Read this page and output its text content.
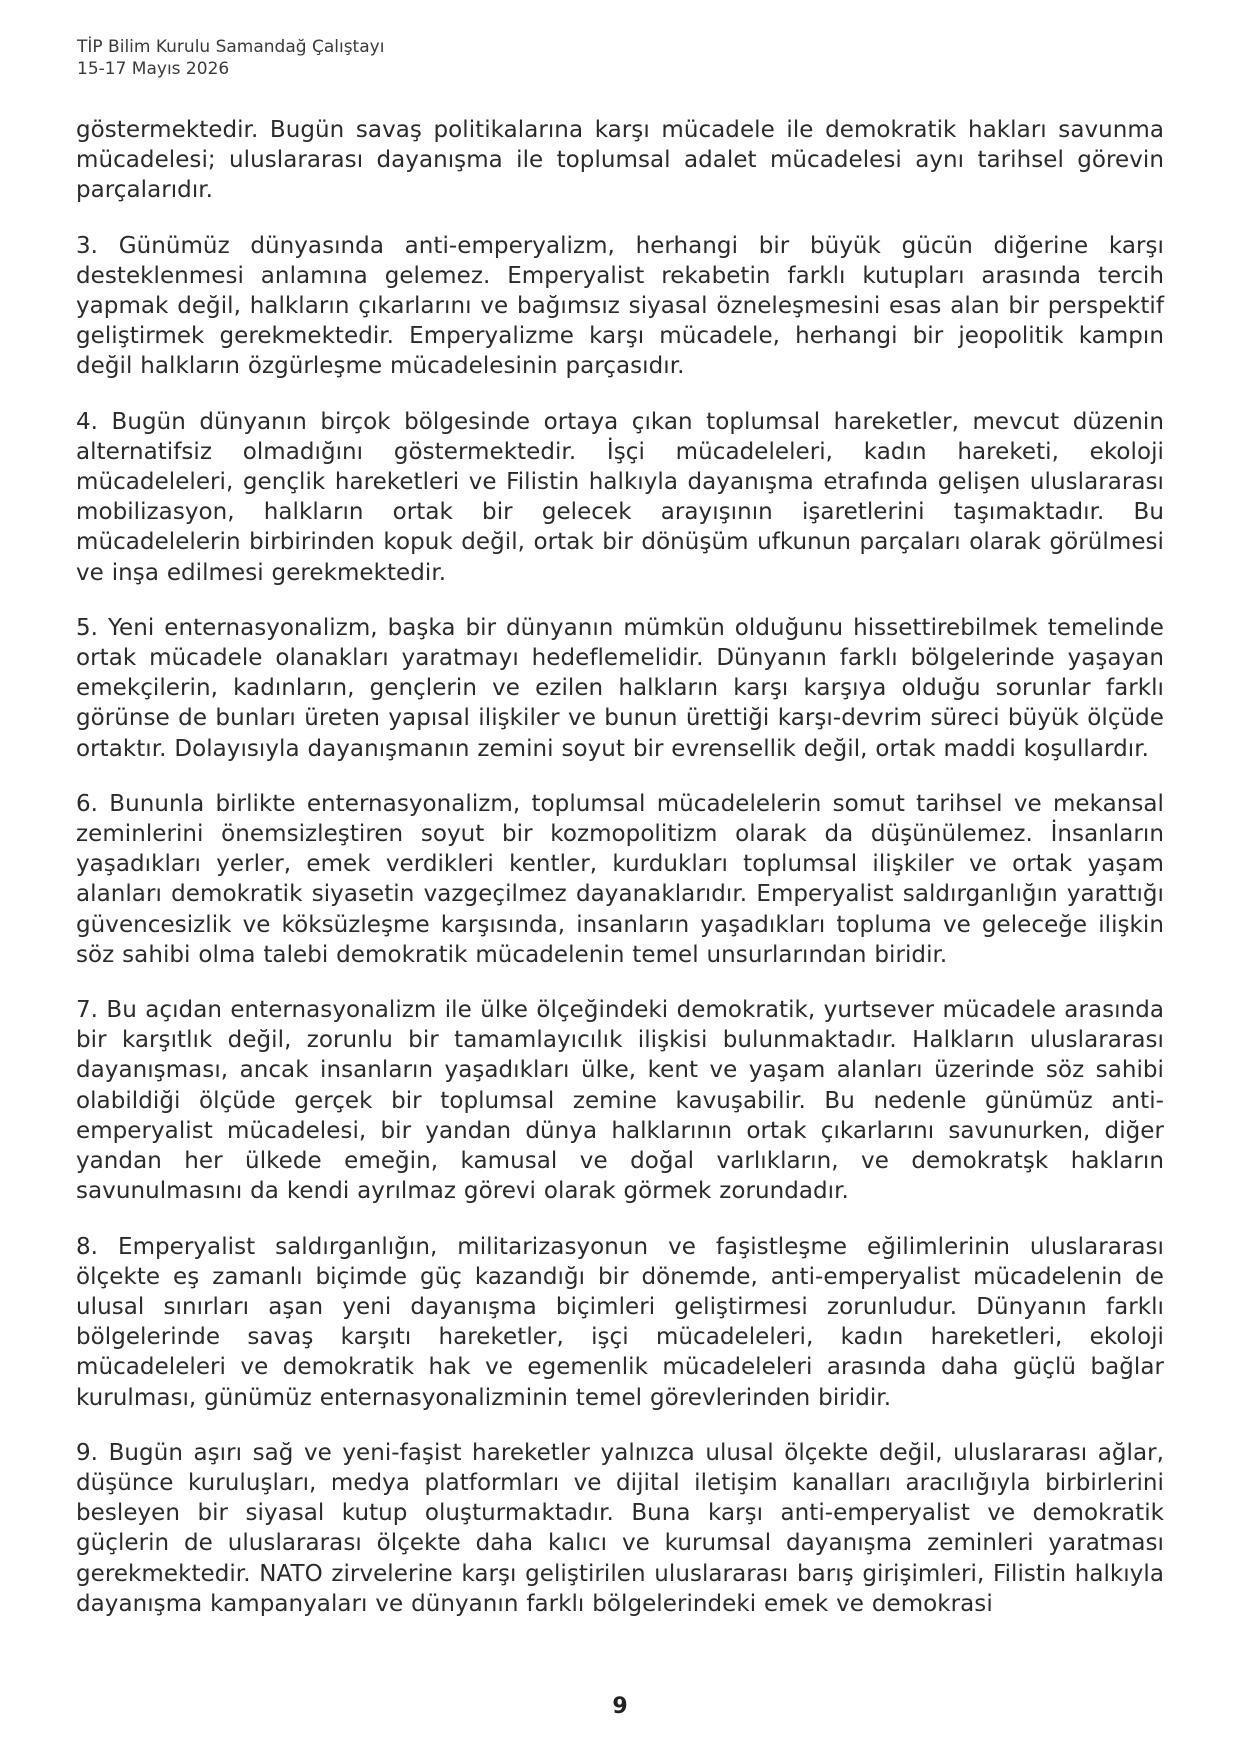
TİP Bilim Kurulu Samandağ Çalıştayı
15-17 Mayıs 2026

göstermektedir. Bugün savaş politikalarına karşı mücadele ile demokratik hakları savunma mücadelesi; uluslararası dayanışma ile toplumsal adalet mücadelesi aynı tarihsel görevin parçalarıdır.

3. Günümüz dünyasında anti-emperyalizm, herhangi bir büyük gücün diğerine karşı desteklenmesi anlamına gelemez. Emperyalist rekabetin farklı kutupları arasında tercih yapmak değil, halkların çıkarlarını ve bağımsız siyasal özneleşmesini esas alan bir perspektif geliştirmek gerekmektedir. Emperyalizme karşı mücadele, herhangi bir jeopolitik kampın değil halkların özgürleşme mücadelesinin parçasıdır.

4. Bugün dünyanın birçok bölgesinde ortaya çıkan toplumsal hareketler, mevcut düzenin alternatifsiz olmadığını göstermektedir. İşçi mücadeleleri, kadın hareketi, ekoloji mücadeleleri, gençlik hareketleri ve Filistin halkıyla dayanışma etrafında gelişen uluslararası mobilizasyon, halkların ortak bir gelecek arayışının işaretlerini taşımaktadır. Bu mücadelelerin birbirinden kopuk değil, ortak bir dönüşüm ufkunun parçaları olarak görülmesi ve inşa edilmesi gerekmektedir.

5. Yeni enternasyonalizm, başka bir dünyanın mümkün olduğunu hissettirebilmek temelinde ortak mücadele olanakları yaratmayı hedeflemelidir. Dünyanın farklı bölgelerinde yaşayan emekçilerin, kadınların, gençlerin ve ezilen halkların karşı karşıya olduğu sorunlar farklı görünse de bunları üreten yapısal ilişkiler ve bunun ürettiği karşı-devrim süreci büyük ölçüde ortaktır. Dolayısıyla dayanışmanın zemini soyut bir evrensellik değil, ortak maddi koşullardır.

6. Bununla birlikte enternasyonalizm, toplumsal mücadelelerin somut tarihsel ve mekansal zeminlerini önemsizleştiren soyut bir kozmopolitizm olarak da düşünülemez. İnsanların yaşadıkları yerler, emek verdikleri kentler, kurdukları toplumsal ilişkiler ve ortak yaşam alanları demokratik siyasetin vazgeçilmez dayanaklarıdır. Emperyalist saldırganlığın yarattığı güvencesizlik ve köksüzleşme karşısında, insanların yaşadıkları topluma ve geleceğe ilişkin söz sahibi olma talebi demokratik mücadelenin temel unsurlarından biridir.

7. Bu açıdan enternasyonalizm ile ülke ölçeğindeki demokratik, yurtsever mücadele arasında bir karşıtlık değil, zorunlu bir tamamlayıcılık ilişkisi bulunmaktadır. Halkların uluslararası dayanışması, ancak insanların yaşadıkları ülke, kent ve yaşam alanları üzerinde söz sahibi olabildiği ölçüde gerçek bir toplumsal zemine kavuşabilir. Bu nedenle günümüz anti-emperyalist mücadelesi, bir yandan dünya halklarının ortak çıkarlarını savunurken, diğer yandan her ülkede emeğin, kamusal ve doğal varlıkların, ve demokratşk hakların savunulmasını da kendi ayrılmaz görevi olarak görmek zorundadır.

8. Emperyalist saldırganlığın, militarizasyonun ve faşistleşme eğilimlerinin uluslararası ölçekte eş zamanlı biçimde güç kazandığı bir dönemde, anti-emperyalist mücadelenin de ulusal sınırları aşan yeni dayanışma biçimleri geliştirmesi zorunludur. Dünyanın farklı bölgelerinde savaş karşıtı hareketler, işçi mücadeleleri, kadın hareketleri, ekoloji mücadeleleri ve demokratik hak ve egemenlik mücadeleleri arasında daha güçlü bağlar kurulması, günümüz enternasyonalizminin temel görevlerinden biridir.

9. Bugün aşırı sağ ve yeni-faşist hareketler yalnızca ulusal ölçekte değil, uluslararası ağlar, düşünce kuruluşları, medya platformları ve dijital iletişim kanalları aracılığıyla birbirlerini besleyen bir siyasal kutup oluşturmaktadır. Buna karşı anti-emperyalist ve demokratik güçlerin de uluslararası ölçekte daha kalıcı ve kurumsal dayanışma zeminleri yaratması gerekmektedir. NATO zirvelerine karşı geliştirilen uluslararası barış girişimleri, Filistin halkıyla dayanışma kampanyaları ve dünyanın farklı bölgelerindeki emek ve demokrasi

9
